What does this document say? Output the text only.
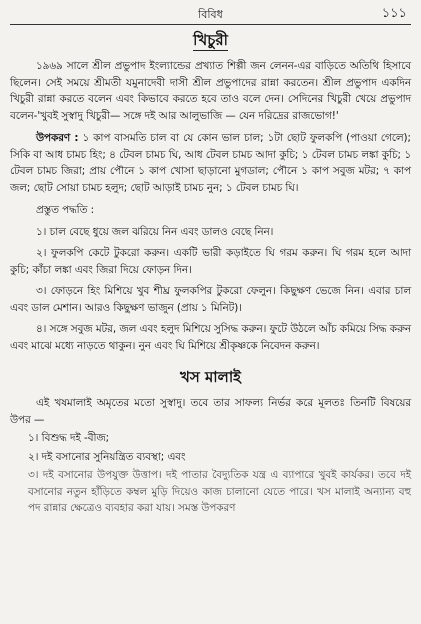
বিবিধ	১১১
খিচুরী

১৯৬৯ সালে শ্রীল প্রভুপাদ ইংল্যান্ডের প্রখ্যাত শিল্পী জন লেনন-এর বাড়িতে অতিথি হিসাবে ছিলেন। সেই সময়ে শ্রীমতী যমুনাদেবী দাসী শ্রীল প্রভুপাদের রান্না করতেন। শ্রীল প্রভুপাদ একদিন খিচুরী রান্না করতে বলেন এবং কিভাবে করতে হবে তাও বলে দেন। সেদিনের খিচুরী খেয়ে প্রভুপাদ বলেন-'খুবই সুস্বাদু খিচুরী— সঙ্গে দই আর আলুভাজি — যেন দরিদ্রের রাজভোগ!'

উপকরণ : ১ কাপ বাসমতি চাল বা যে কোন ভাল চাল; ১টা ছোট ফুলকপি (পাওয়া গেলে); সিকি বা আধ চামচ হিং; ৪ টেবল চামচ ঘি, আধ টেবল চামচ আদা কুচি; ১ টেবল চামচ লঙ্কা কুচি; ১ টেবল চামচ জিরা; প্রায় পৌনে ১ কাপ খোসা ছাড়ানো মুগডাল; পৌনে ১ কাপ সবুজ মটর; ৭ কাপ জল; ছোট সোয়া চামচ হলুদ; ছোট আড়াই চামচ নুন; ১ টেবল চামচ ঘি।

প্রস্তুত পদ্ধতি :

১। চাল বেছে ধুয়ে জল ঝরিয়ে নিন এবং ডালও বেছে নিন।

২। ফুলকপি কেটে টুকরো করুন। একটি ভারী কড়াইতে ঘি গরম করুন। ঘি গরম হলে আদা কুচি; কাঁচা লঙ্কা এবং জিরা দিয়ে ফোড়ন দিন।

৩। ফোড়নে হিং মিশিয়ে খুব শীঘ্র ফুলকপির টুকরো ফেলুন। কিছুক্ষণ ভেজে নিন। এবার চাল এবং ডাল মেশান। আরও কিছুক্ষণ ভাজুন (প্রায় ১ মিনিট)।

৪। সঙ্গে সবুজ মটর, জল এবং হলুদ মিশিয়ে সুসিদ্ধ করুন। ফুটে উঠলে আঁচ কমিয়ে সিদ্ধ করুন এবং মাঝে মধ্যে নাড়তে থাকুন। নুন এবং ঘি মিশিয়ে শ্রীকৃষ্ণকে নিবেদন করুন।

খস মালাই

এই খষমালাই অমৃতের মতো সুস্বাদু। তবে তার সাফল্য নির্ভর করে মূলতঃ তিনটি বিষয়ের উপর —

১। বিশুদ্ধ দই -বীজ;

২। দই বসানোর সুনিয়ন্ত্রিত ব্যবস্থা; এবং

৩। দই বসানোর উপযুক্ত উত্তাপ। দই পাতার বৈদ্যুতিক যন্ত্র এ ব্যাপারে খুবই কার্যকর। তবে দই বসানোর নতুন হাঁড়িতে কম্বল মুড়ি দিয়েও কাজ চালানো যেতে পারে। খস মালাই অন্যান্য বহু পদ রান্নার ক্ষেত্রেও ব্যবহার করা যায়। সমস্ত উপকরণ
